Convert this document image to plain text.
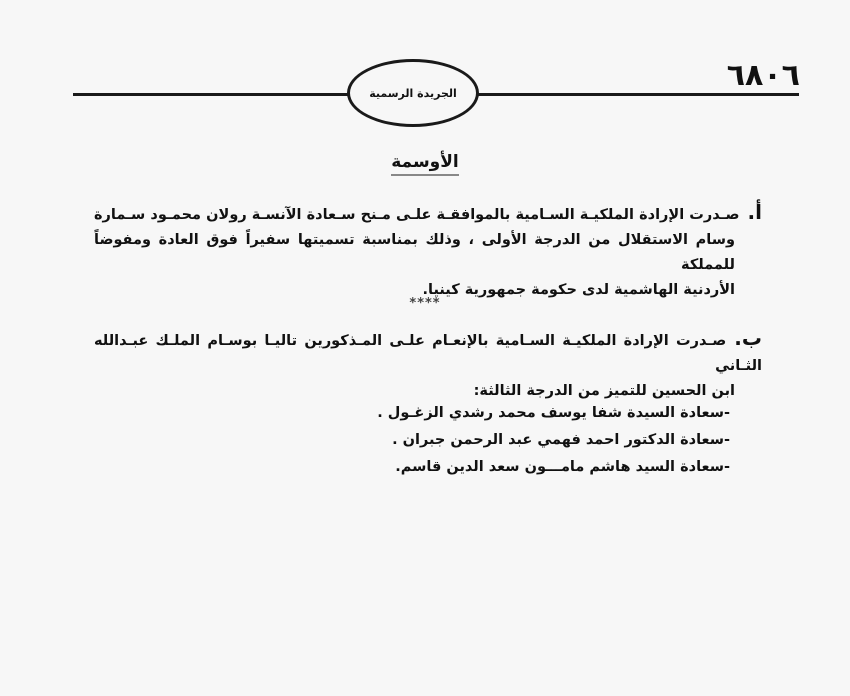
٦٨٠٦
الجريدة الرسمية
الأوسمة
أ.صـدرت الإرادة الملكيـة السـامية بالموافقـة علـى مـنح سـعادة الآنسـة رولان محمـود سـمارة
وسام الاستقلال من الدرجة الأولى ، وذلك بمناسبة تسميتها سفيراً فوق العادة ومفوضاً للمملكة
الأردنية الهاشمية لدى حكومة جمهورية كينيا.
****
ب.صـدرت الإرادة الملكيـة السـامية بالإنعـام علـى المـذكورين تاليـا بوسـام الملـك عبـدالله الثـاني
ابن الحسين للتميز من الدرجة الثالثة:
-سعادة السيدة شفا يوسف محمد رشدي الزغـول .
-سعادة الدكتور احمد فهمي عبد الرحمن جبران .
-سعادة السيد هاشم مامـــون سعد الدين قاسم.
